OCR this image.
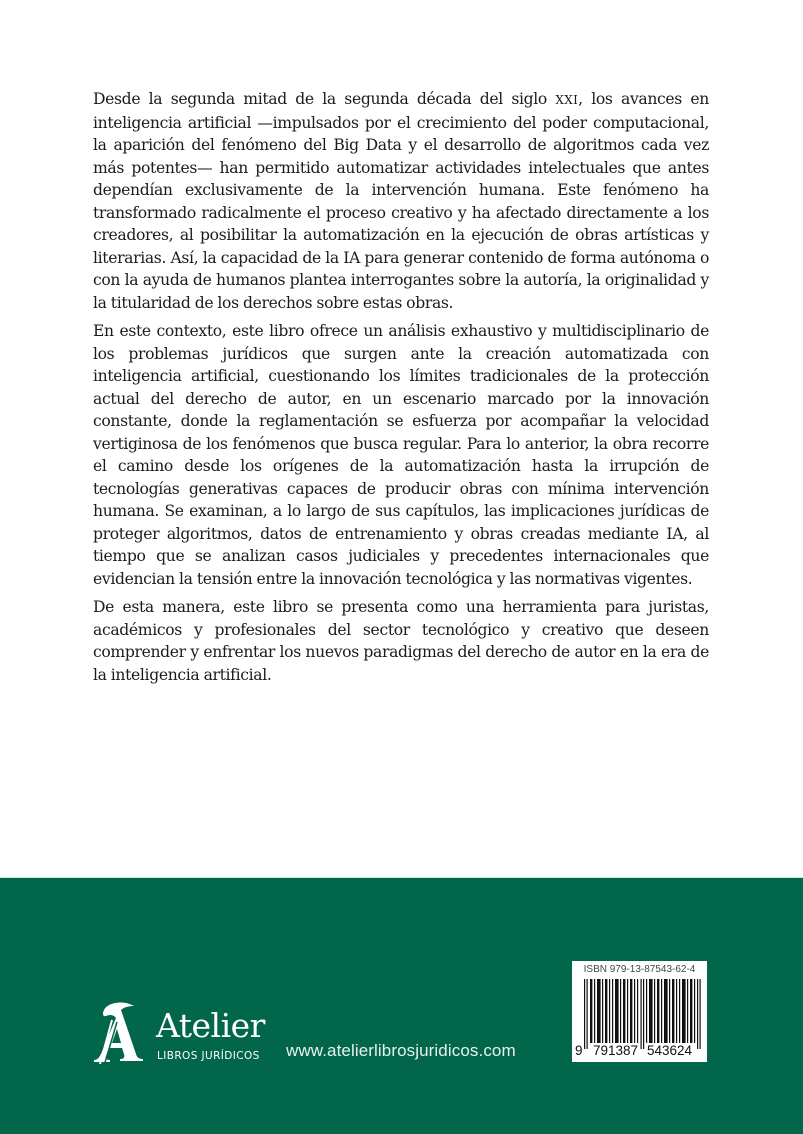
Desde la segunda mitad de la segunda década del siglo XXI, los avances en inteligencia artificial —impulsados por el crecimiento del poder computacional, la aparición del fenómeno del Big Data y el desarrollo de algoritmos cada vez más potentes— han permitido automatizar actividades intelectuales que antes dependían exclusivamente de la intervención humana. Este fenómeno ha transformado radicalmente el proceso creativo y ha afectado directamente a los creadores, al posibilitar la automatización en la ejecución de obras artísticas y literarias. Así, la capacidad de la IA para generar contenido de forma autónoma o con la ayuda de humanos plantea interrogantes sobre la autoría, la originalidad y la titularidad de los derechos sobre estas obras.

En este contexto, este libro ofrece un análisis exhaustivo y multidisciplinario de los problemas jurídicos que surgen ante la creación automatizada con inteligencia artificial, cuestionando los límites tradicionales de la protección actual del derecho de autor, en un escenario marcado por la innovación constante, donde la reglamentación se esfuerza por acompañar la velocidad vertiginosa de los fenómenos que busca regular. Para lo anterior, la obra recorre el camino desde los orígenes de la automatización hasta la irrupción de tecnologías generativas capaces de producir obras con mínima intervención humana. Se examinan, a lo largo de sus capítulos, las implicaciones jurídicas de proteger algoritmos, datos de entrenamiento y obras creadas mediante IA, al tiempo que se analizan casos judiciales y precedentes internacionales que evidencian la tensión entre la innovación tecnológica y las normativas vigentes.

De esta manera, este libro se presenta como una herramienta para juristas, académicos y profesionales del sector tecnológico y creativo que deseen comprender y enfrentar los nuevos paradigmas del derecho de autor en la era de la inteligencia artificial.

Atelier
LIBROS JURÍDICOS www.atelierlibrosjuridicos.com
ISBN 979-13-87543-62-4
9 791387 543624
